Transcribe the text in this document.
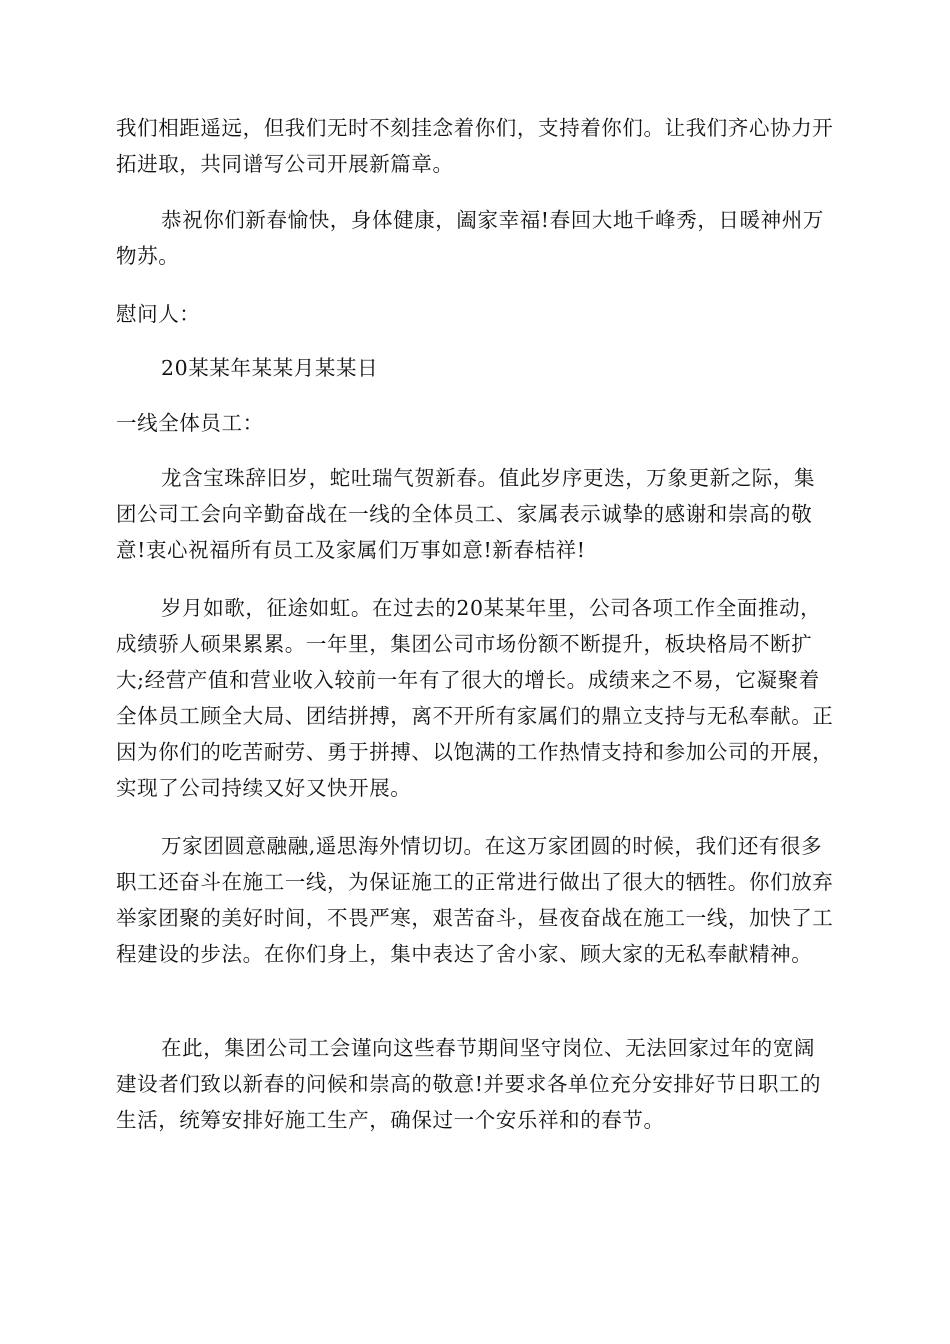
我们相距遥远，但我们无时不刻挂念着你们，支持着你们。让我们齐心协力开拓进取，共同谱写公司开展新篇章。

恭祝你们新春愉快，身体健康，阖家幸福!春回大地千峰秀，日暖神州万物苏。

慰问人：

20某某年某某月某某日

一线全体员工：

龙含宝珠辞旧岁，蛇吐瑞气贺新春。值此岁序更迭，万象更新之际，集团公司工会向辛勤奋战在一线的全体员工、家属表示诚挚的感谢和崇高的敬意!衷心祝福所有员工及家属们万事如意!新春桔祥!

岁月如歌，征途如虹。在过去的20某某年里，公司各项工作全面推动，成绩骄人硕果累累。一年里，集团公司市场份额不断提升，板块格局不断扩大;经营产值和营业收入较前一年有了很大的增长。成绩来之不易，它凝聚着全体员工顾全大局、团结拼搏，离不开所有家属们的鼎立支持与无私奉献。正因为你们的吃苦耐劳、勇于拼搏、以饱满的工作热情支持和参加公司的开展，实现了公司持续又好又快开展。

万家团圆意融融,遥思海外情切切。在这万家团圆的时候，我们还有很多职工还奋斗在施工一线，为保证施工的正常进行做出了很大的牺牲。你们放弃举家团聚的美好时间，不畏严寒，艰苦奋斗，昼夜奋战在施工一线，加快了工程建设的步法。在你们身上，集中表达了舍小家、顾大家的无私奉献精神。

在此，集团公司工会谨向这些春节期间坚守岗位、无法回家过年的宽阔建设者们致以新春的问候和崇高的敬意!并要求各单位充分安排好节日职工的生活，统筹安排好施工生产，确保过一个安乐祥和的春节。
